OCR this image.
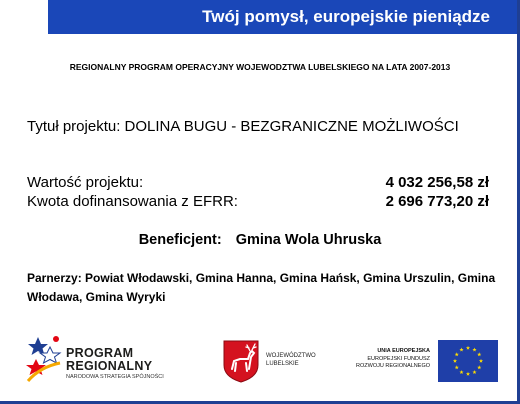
Twój pomysł, europejskie pieniądze
REGIONALNY PROGRAM OPERACYJNY WOJEWODZTWA LUBELSKIEGO NA LATA 2007-2013
Tytuł projektu: DOLINA BUGU - BEZGRANICZNE MOŻLIWOŚCI
Wartość projektu:	4 032 256,58 zł
Kwota dofinansowania z EFRR:	2 696 773,20 zł
Beneficjent: Gmina Wola Uhruska
Parnerzy: Powiat Włodawski, Gmina Hanna, Gmina Hańsk, Gmina Urszulin, Gmina Włodawa, Gmina Wyryki
PROGRAM
REGIONALNY
NARODOWA STRATEGIA SPÓJNOŚCI
WOJEWÓDZTWO
LUBELSKIE
UNIA EUROPEJSKA
EUROPEJSKI FUNDUSZ
ROZWOJU REGIONALNEGO
